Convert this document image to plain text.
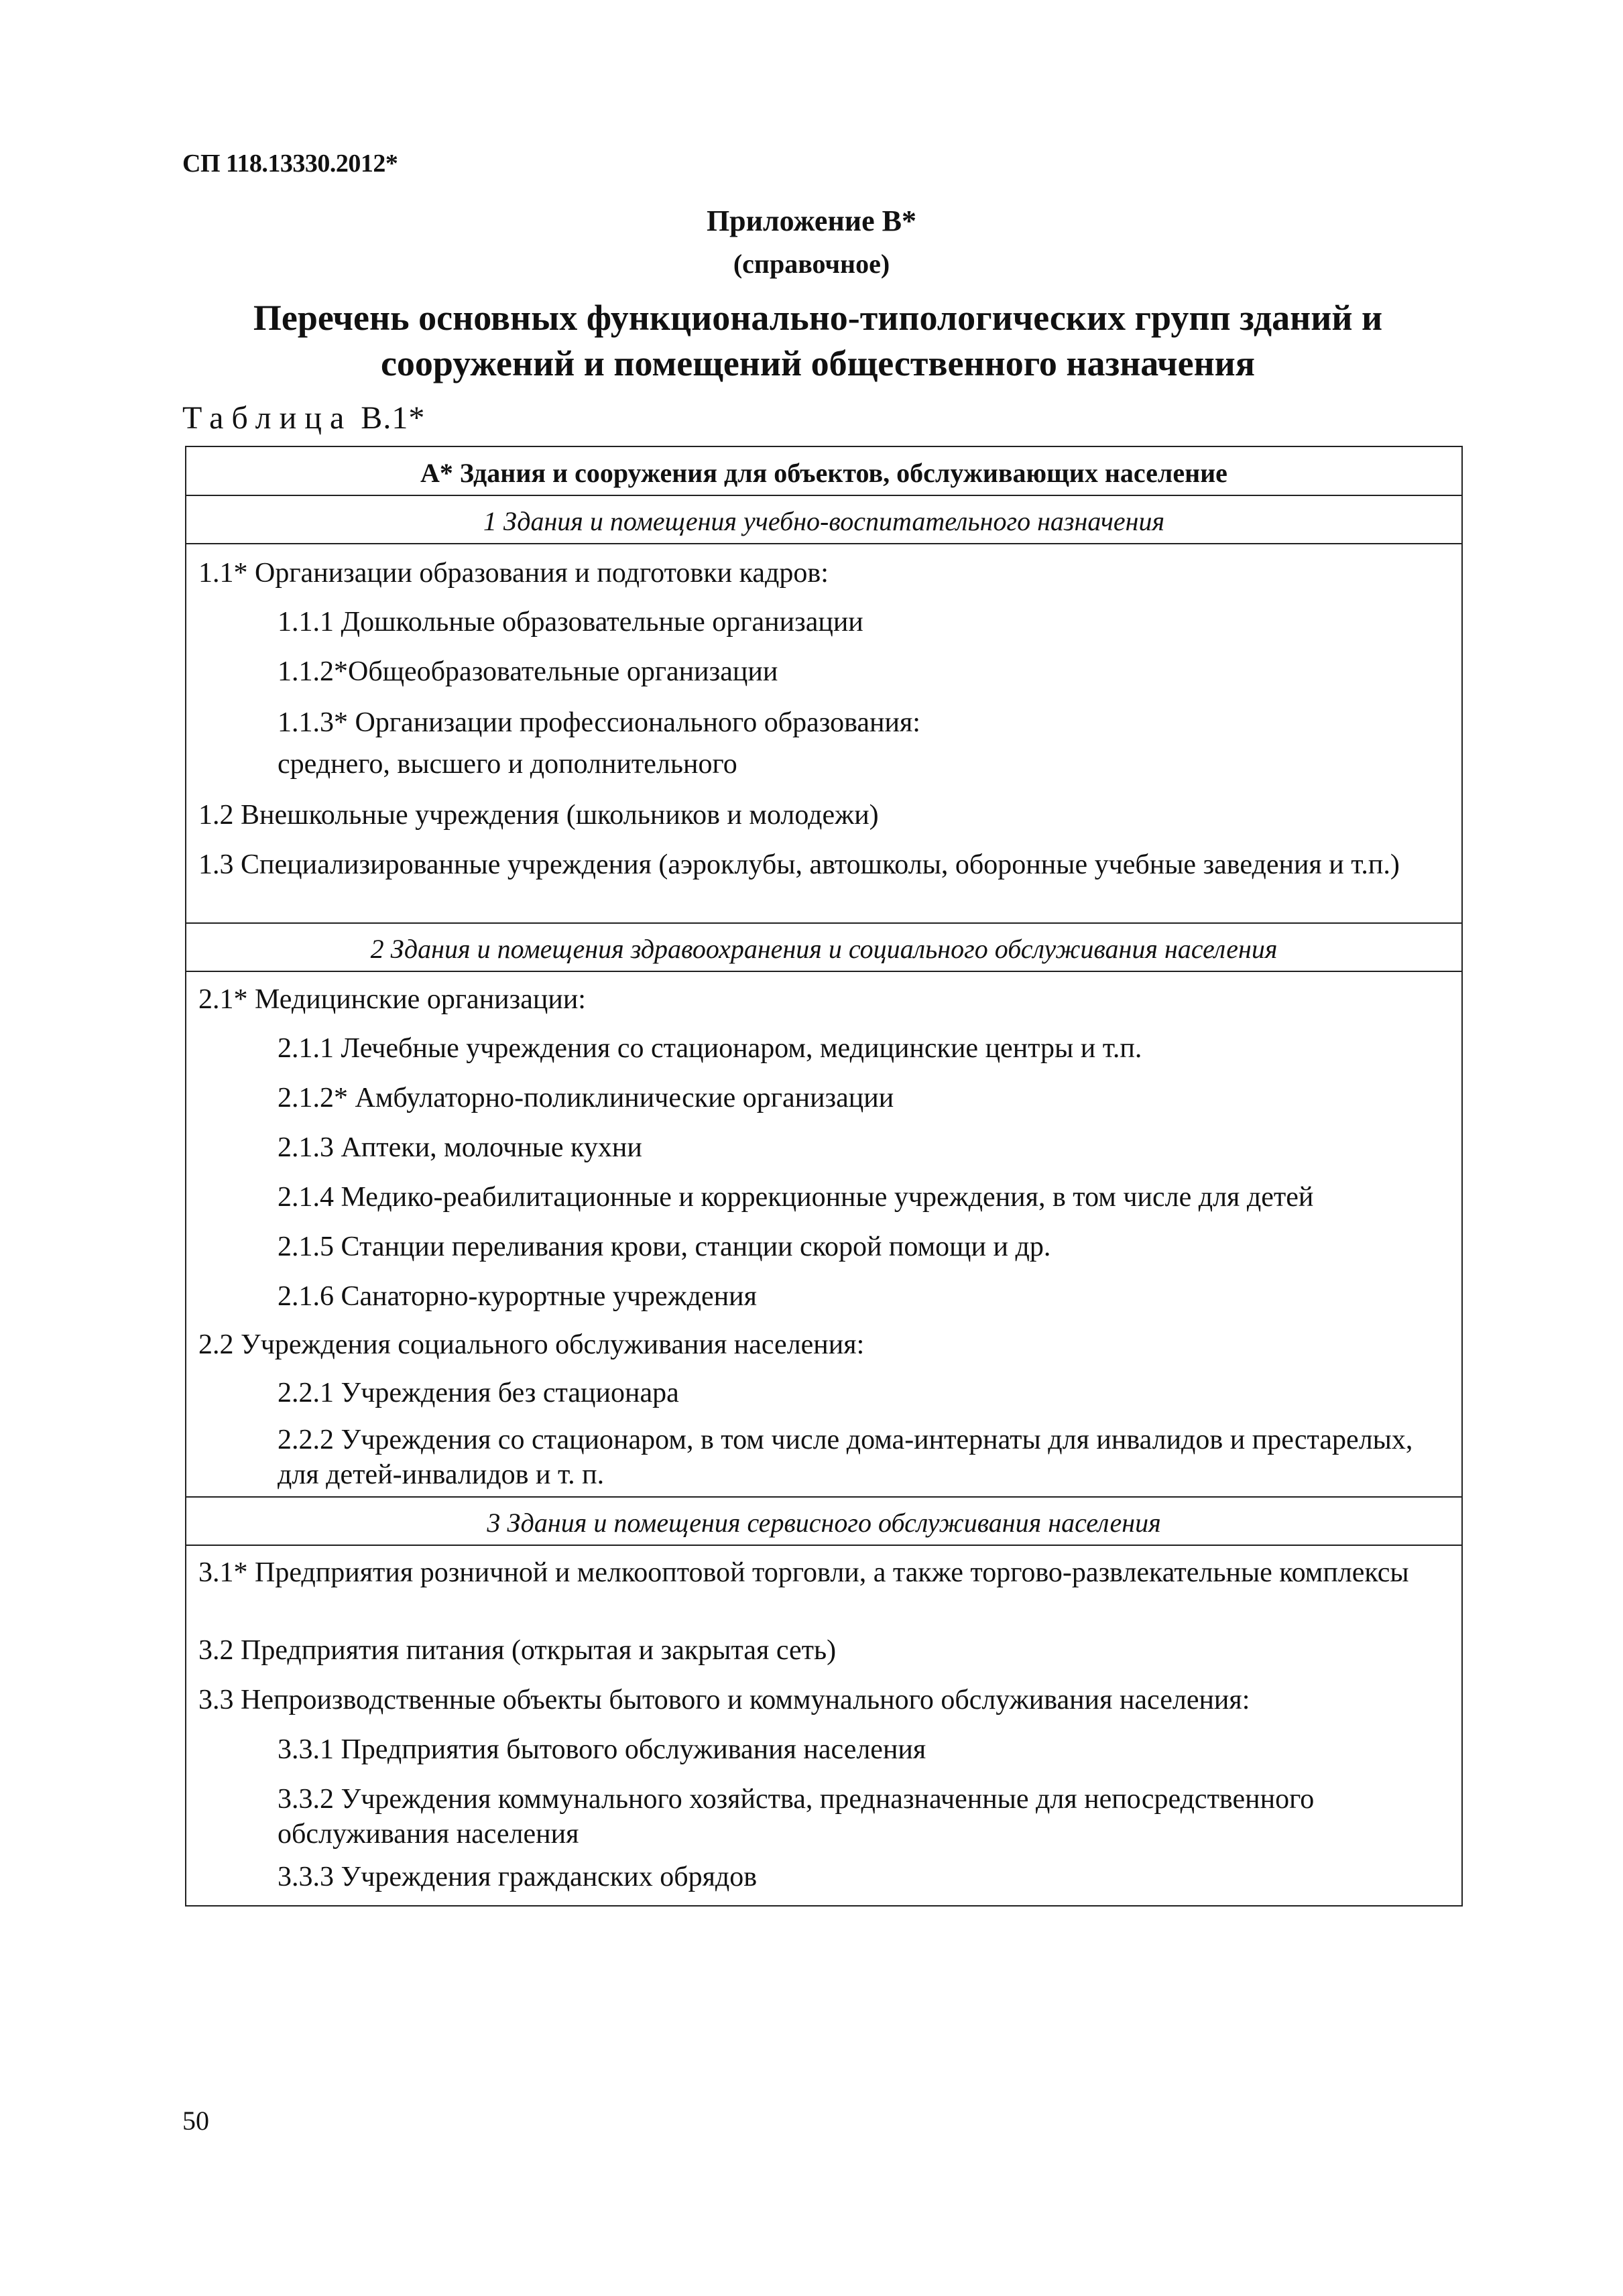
СП 118.13330.2012*
Приложение В*
(справочное)
Перечень основных функционально-типологических групп зданий и
сооружений и помещений общественного назначения
Таблица В.1*
А* Здания и сооружения для объектов, обслуживающих население
1 Здания и помещения учебно-воспитательного назначения
1.1* Организации образования и подготовки кадров:
1.1.1 Дошкольные образовательные организации
1.1.2*Общеобразовательные организации
1.1.3* Организации профессионального образования:
среднего, высшего и дополнительного
1.2 Внешкольные учреждения (школьников и молодежи)
1.3 Специализированные учреждения (аэроклубы, автошколы, оборонные учебные заведения и т.п.)
2 Здания и помещения здравоохранения и социального обслуживания населения
2.1* Медицинские организации:
2.1.1 Лечебные учреждения со стационаром, медицинские центры и т.п.
2.1.2* Амбулаторно-поликлинические организации
2.1.3 Аптеки, молочные кухни
2.1.4 Медико-реабилитационные и коррекционные учреждения, в том числе для детей
2.1.5 Станции переливания крови, станции скорой помощи и др.
2.1.6 Санаторно-курортные учреждения
2.2 Учреждения социального обслуживания населения:
2.2.1 Учреждения без стационара
2.2.2 Учреждения со стационаром, в том числе дома-интернаты для инвалидов и престарелых, для детей-инвалидов и т. п.
3 Здания и помещения сервисного обслуживания населения
3.1* Предприятия розничной и мелкооптовой торговли, а также торгово-развлекательные комплексы
3.2 Предприятия питания (открытая и закрытая сеть)
3.3 Непроизводственные объекты бытового и коммунального обслуживания населения:
3.3.1 Предприятия бытового обслуживания населения
3.3.2 Учреждения коммунального хозяйства, предназначенные для непосредственного обслуживания населения
3.3.3 Учреждения гражданских обрядов
50
